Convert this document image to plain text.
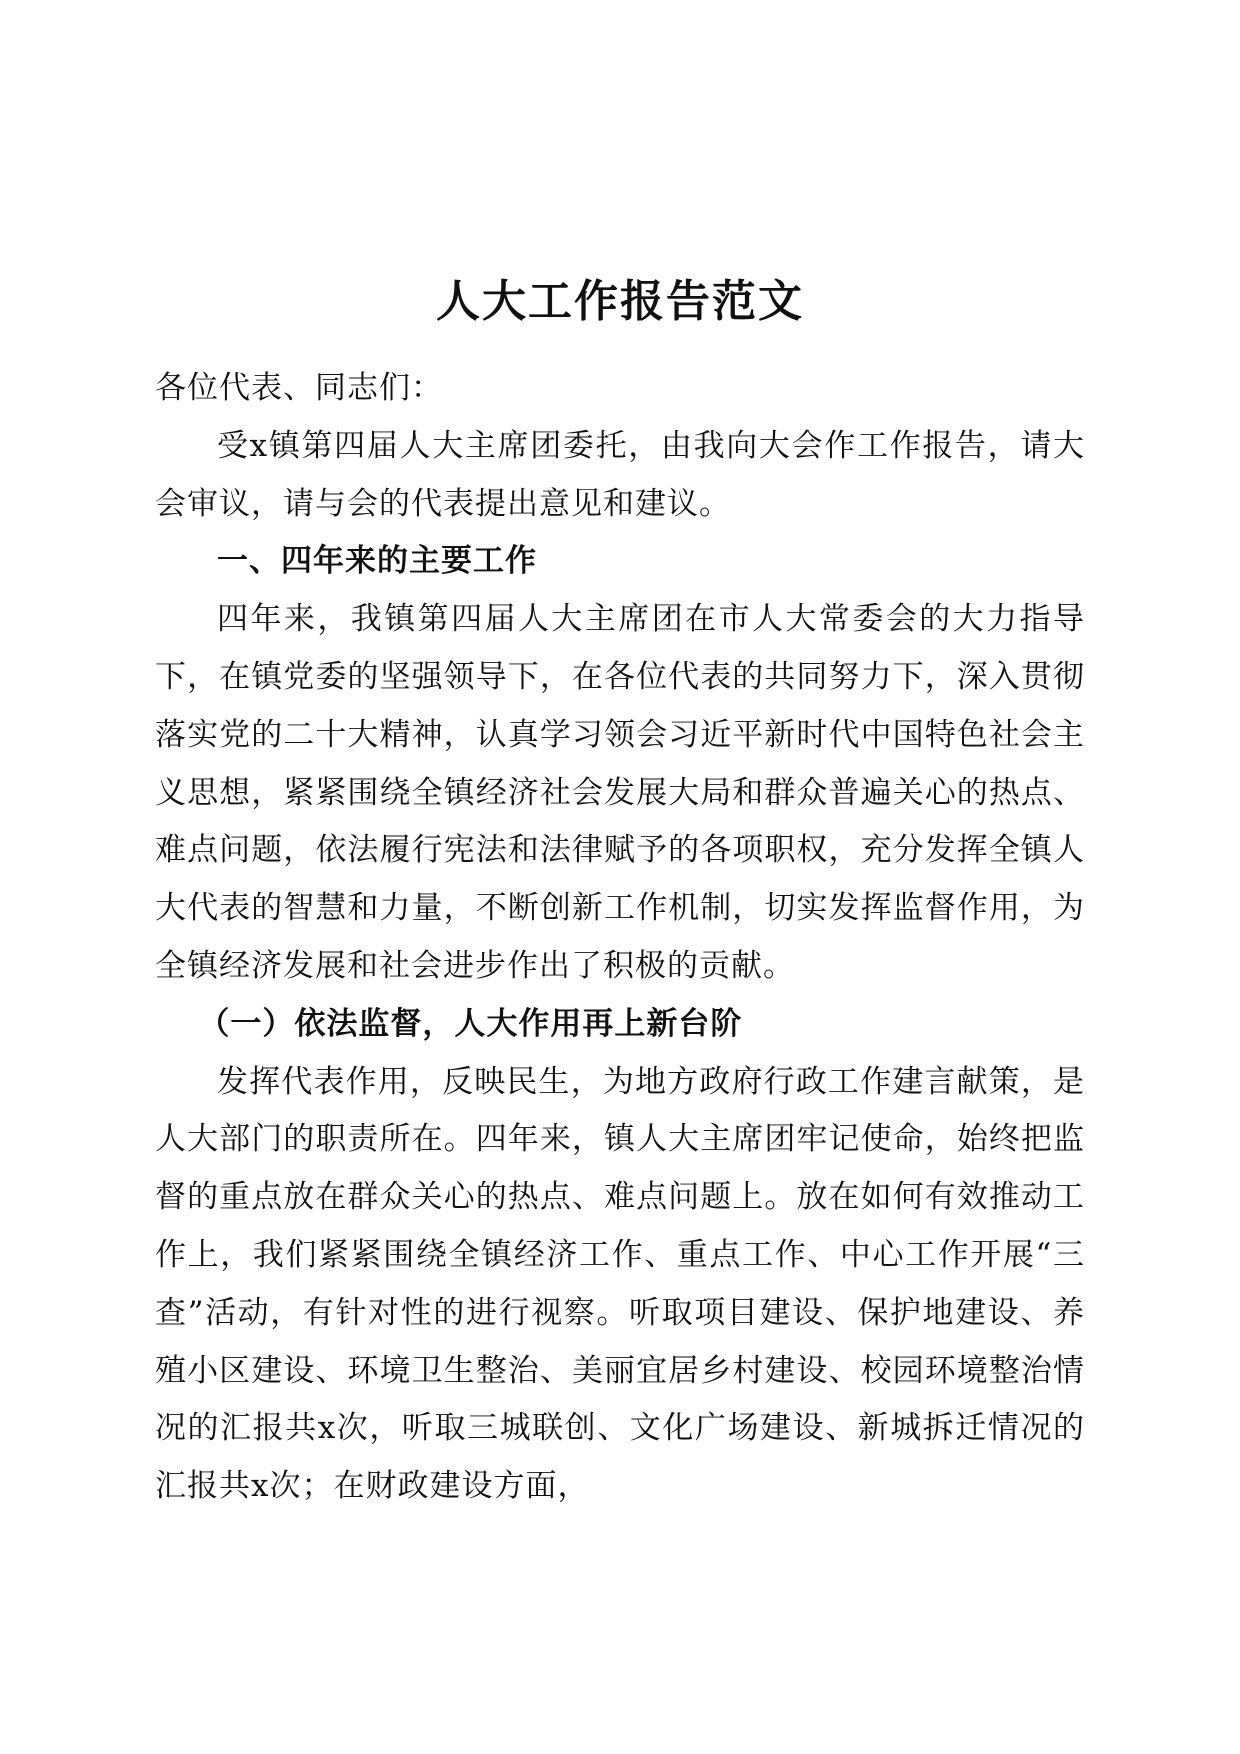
人大工作报告范文

各位代表、同志们：

受x镇第四届人大主席团委托，由我向大会作工作报告，请大会审议，请与会的代表提出意见和建议。

一、四年来的主要工作

四年来，我镇第四届人大主席团在市人大常委会的大力指导下，在镇党委的坚强领导下，在各位代表的共同努力下，深入贯彻落实党的二十大精神，认真学习领会习近平新时代中国特色社会主义思想，紧紧围绕全镇经济社会发展大局和群众普遍关心的热点、难点问题，依法履行宪法和法律赋予的各项职权，充分发挥全镇人大代表的智慧和力量，不断创新工作机制，切实发挥监督作用，为全镇经济发展和社会进步作出了积极的贡献。

（一）依法监督，人大作用再上新台阶

发挥代表作用，反映民生，为地方政府行政工作建言献策，是人大部门的职责所在。四年来，镇人大主席团牢记使命，始终把监督的重点放在群众关心的热点、难点问题上。放在如何有效推动工作上，我们紧紧围绕全镇经济工作、重点工作、中心工作开展“三查”活动，有针对性的进行视察。听取项目建设、保护地建设、养殖小区建设、环境卫生整治、美丽宜居乡村建设、校园环境整治情况的汇报共x次，听取三城联创、文化广场建设、新城拆迁情况的汇报共x次；在财政建设方面，
